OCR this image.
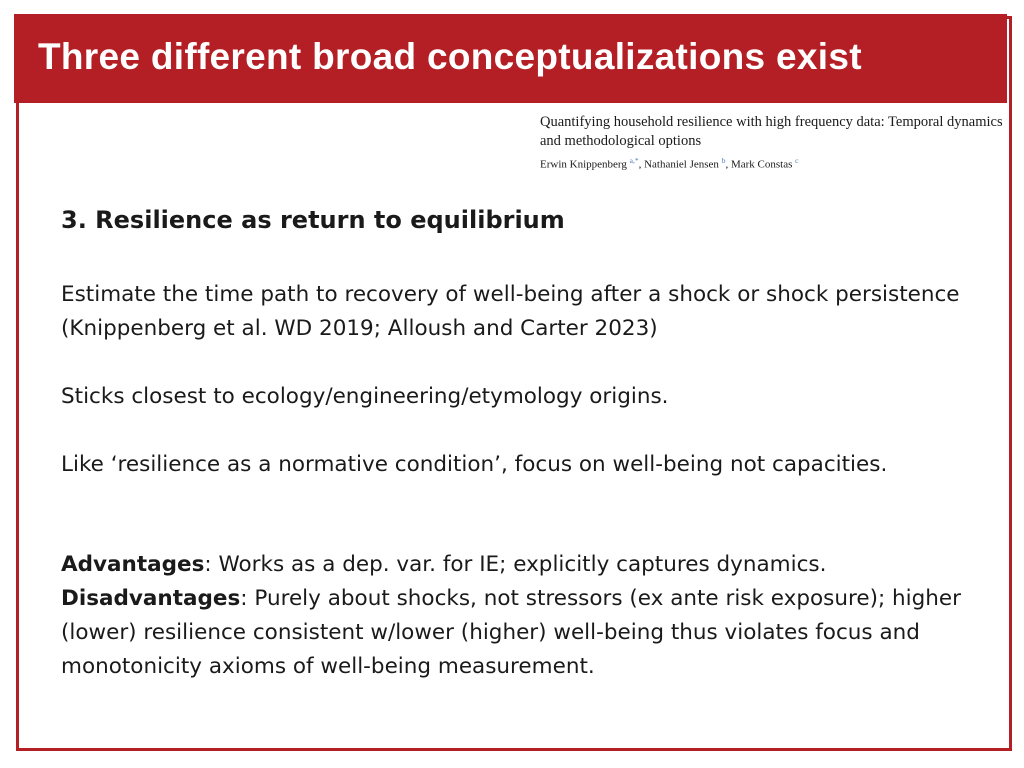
Three different broad conceptualizations exist
Quantifying household resilience with high frequency data: Temporal dynamics and methodological options
Erwin Knippenberg $^{a,*}$, Nathaniel Jensen $^b$, Mark Constas $^c$
3. Resilience as return to equilibrium

Estimate the time path to recovery of well-being after a shock or shock persistence (Knippenberg et al. WD 2019; Alloush and Carter 2023)

Sticks closest to ecology/engineering/etymology origins.

Like ‘resilience as a normative condition’, focus on well-being not capacities.

Advantages: Works as a dep. var. for IE; explicitly captures dynamics.

Disadvantages: Purely about shocks, not stressors (ex ante risk exposure); higher (lower) resilience consistent w/lower (higher) well-being thus violates focus and monotonicity axioms of well-being measurement.
